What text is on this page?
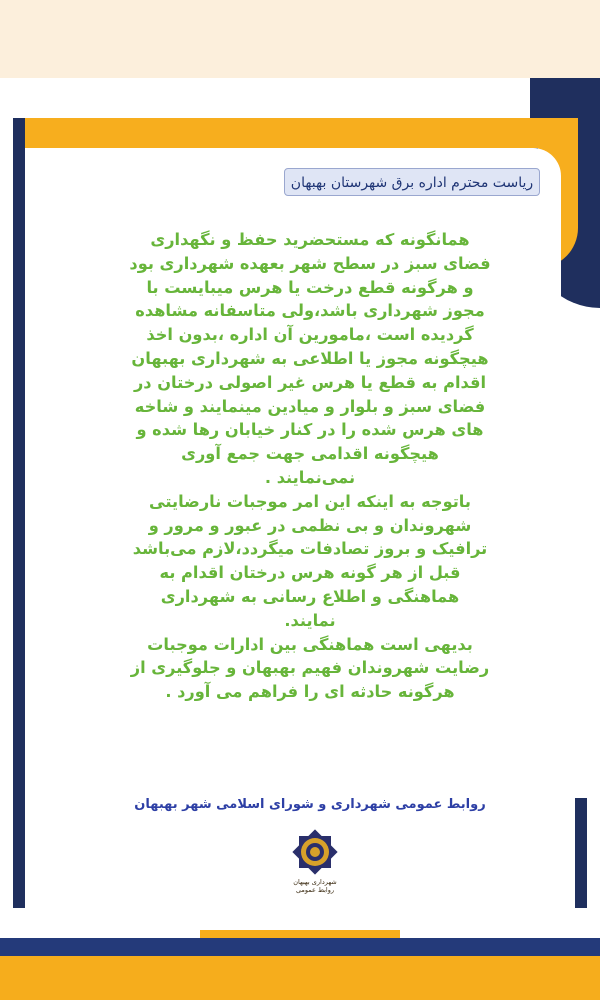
ریاست محترم اداره برق شهرستان بهبهان

همانگونه که مستحضرید حفظ و نگهداری

فضای سبز در سطح شهر بعهده شهرداری بود

و هرگونه قطع درخت یا هرس میبایست با

مجوز شهرداری باشد،ولی متاسفانه مشاهده

گردیده است ،مامورین آن اداره ،بدون اخذ

هیچگونه مجوز یا اطلاعی به شهرداری بهبهان

اقدام به قطع یا هرس غیر اصولی درختان در

فضای سبز و بلوار و میادین مینمایند و شاخه

های هرس شده را در کنار خیابان رها شده و

هیچگونه اقدامی جهت جمع آوری

نمی‌نمایند .

باتوجه به اینکه این امر موجبات نارضایتی

شهروندان و بی نظمی در عبور و مرور و

ترافیک و بروز تصادفات میگردد،لازم می‌باشد

قبل از هر گونه هرس درختان اقدام به

هماهنگی و اطلاع رسانی به شهرداری

نمایند.

بدیهی است هماهنگی بین ادارات موجبات

رضایت شهروندان فهیم بهبهان و جلوگیری از

هرگونه حادثه ای را فراهم می آورد .

روابط عمومی شهرداری و شورای اسلامی شهر بهبهان
شهرداری بهبهان
روابط عمومی
